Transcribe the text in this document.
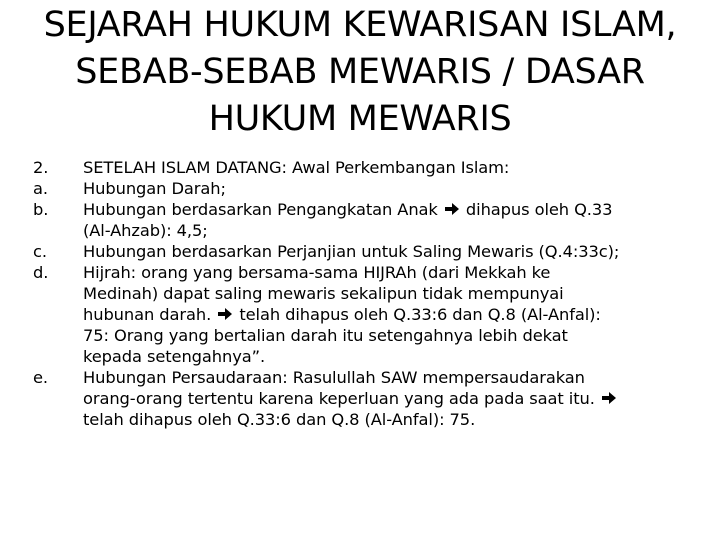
SEJARAH HUKUM KEWARISAN ISLAM,
SEBAB-SEBAB MEWARIS / DASAR
HUKUM MEWARIS
2.	SETELAH ISLAM DATANG: Awal Perkembangan Islam:
a.	Hubungan Darah;
b.	Hubungan berdasarkan Pengangkatan Anak dihapus oleh Q.33
(Al-Ahzab): 4,5;
c.	Hubungan berdasarkan Perjanjian untuk Saling Mewaris (Q.4:33c);
d.	Hijrah: orang yang bersama-sama HIJRAh (dari Mekkah ke
Medinah) dapat saling mewaris sekalipun tidak mempunyai
hubunan darah. telah dihapus oleh Q.33:6 dan Q.8 (Al-Anfal):
75: Orang yang bertalian darah itu setengahnya lebih dekat
kepada setengahnya”.
e.	Hubungan Persaudaraan: Rasulullah SAW mempersaudarakan
orang-orang tertentu karena keperluan yang ada pada saat itu.
telah dihapus oleh Q.33:6 dan Q.8 (Al-Anfal): 75.
